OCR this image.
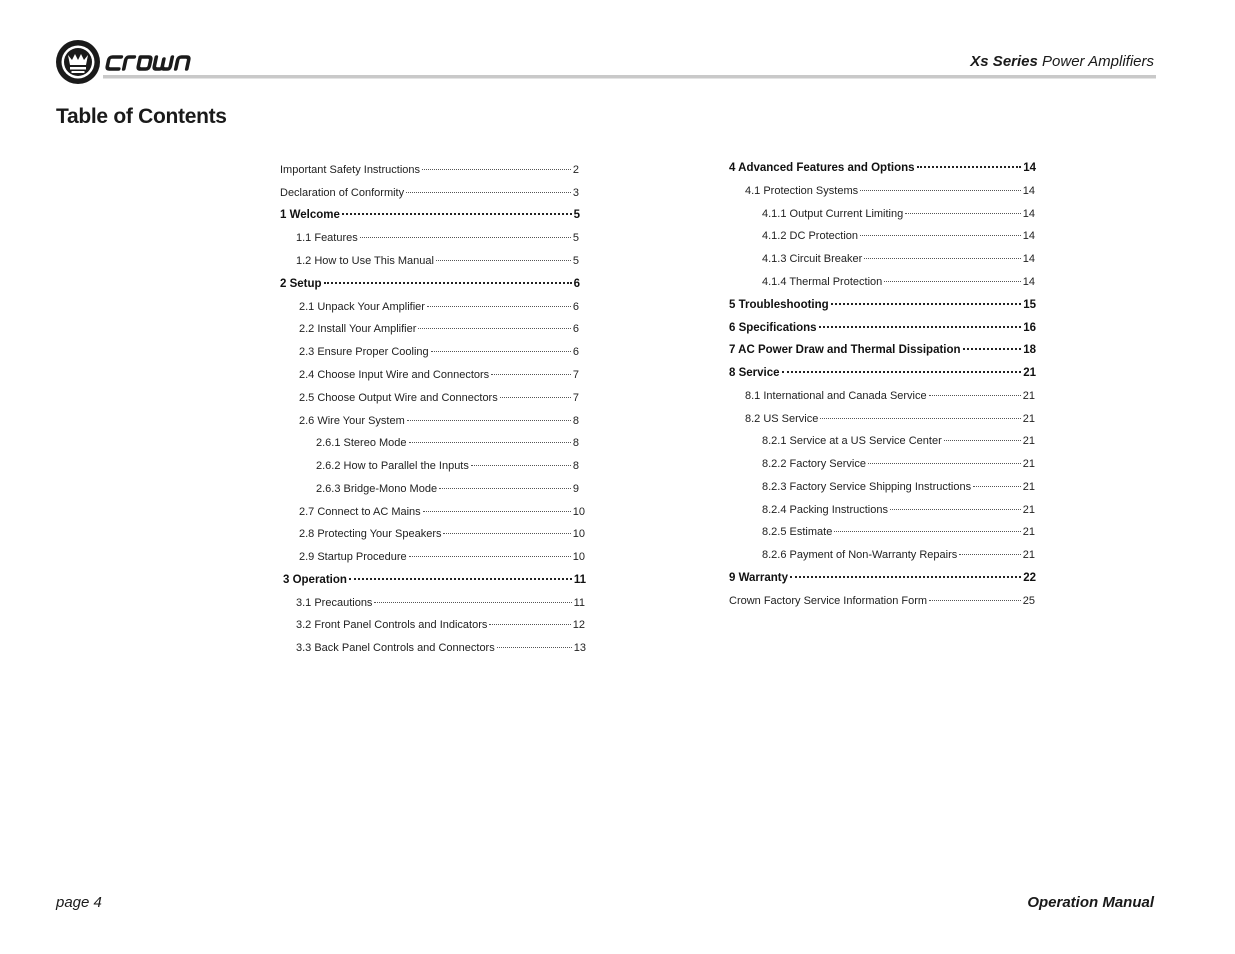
Xs Series Power Amplifiers
Table of Contents
Important Safety Instructions	2
Declaration of Conformity	3
1 Welcome	5
1.1 Features	5
1.2 How to Use This Manual	5
2 Setup	6
2.1 Unpack Your Amplifier	6
2.2 Install Your Amplifier	6
2.3 Ensure Proper Cooling	6
2.4 Choose Input Wire and Connectors	7
2.5 Choose Output Wire and Connectors	7
2.6 Wire Your System	8
2.6.1 Stereo Mode	8
2.6.2 How to Parallel the Inputs	8
2.6.3 Bridge-Mono Mode	9
2.7 Connect to AC Mains	10
2.8 Protecting Your Speakers	10
2.9 Startup Procedure	10
3 Operation	11
3.1 Precautions	11
3.2 Front Panel Controls and Indicators	12
3.3 Back Panel Controls and Connectors	13
4 Advanced Features and Options	14
4.1 Protection Systems	14
4.1.1 Output Current Limiting	14
4.1.2 DC Protection	14
4.1.3 Circuit Breaker	14
4.1.4 Thermal Protection	14
5 Troubleshooting	15
6 Specifications	16
7 AC Power Draw and Thermal Dissipation	18
8 Service	21
8.1 International and Canada Service	21
8.2 US Service	21
8.2.1 Service at a US Service Center	21
8.2.2 Factory Service	21
8.2.3 Factory Service Shipping Instructions	21
8.2.4 Packing Instructions	21
8.2.5 Estimate	21
8.2.6 Payment of Non-Warranty Repairs	21
9 Warranty	22
Crown Factory Service Information Form	25
page 4	Operation Manual
